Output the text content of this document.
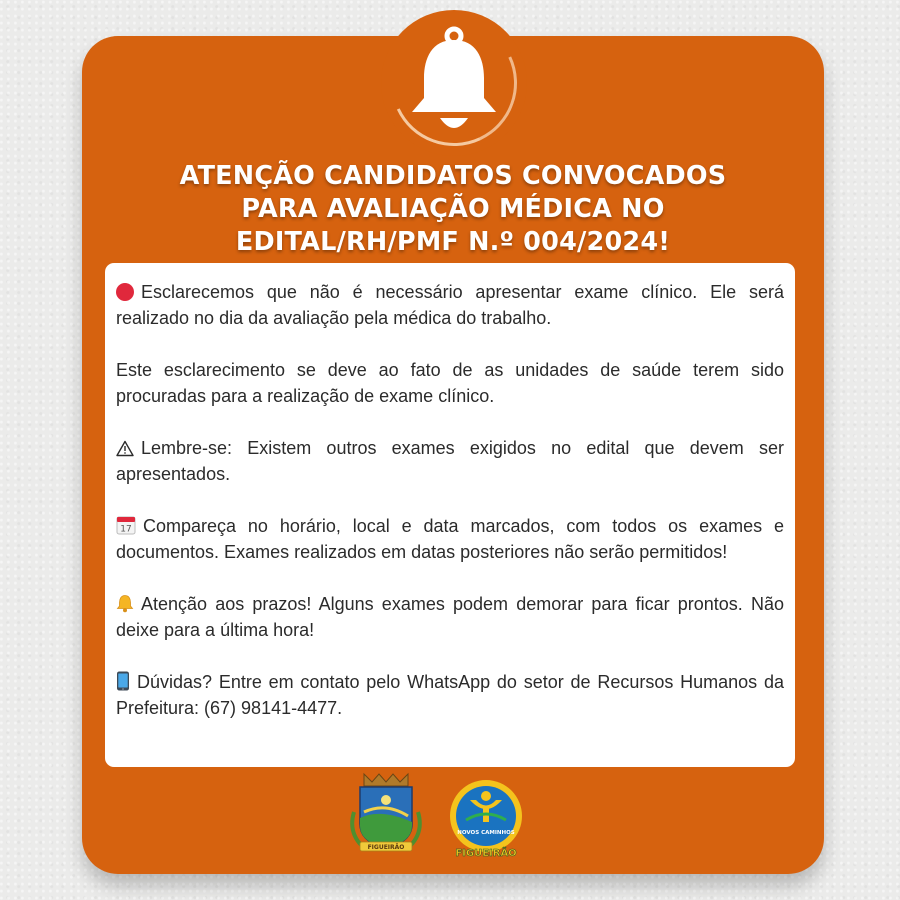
ATENÇÃO CANDIDATOS CONVOCADOS
PARA AVALIAÇÃO MÉDICA NO
EDITAL/RH/PMF N.º 004/2024!

Esclarecemos que não é necessário apresentar exame clínico. Ele será realizado no dia da avaliação pela médica do trabalho.

Este esclarecimento se deve ao fato de as unidades de saúde terem sido procuradas para a realização de exame clínico.

Lembre-se: Existem outros exames exigidos no edital que devem ser apresentados.

17 Compareça no horário, local e data marcados, com todos os exames e documentos. Exames realizados em datas posteriores não serão permitidos!

Atenção aos prazos! Alguns exames podem demorar para ficar prontos. Não deixe para a última hora!

Dúvidas? Entre em contato pelo WhatsApp do setor de Recursos Humanos da Prefeitura: (67) 98141-4477.

FIGUEIRÃO
NOVOS CAMINHOS
FIGUEIRÃO
